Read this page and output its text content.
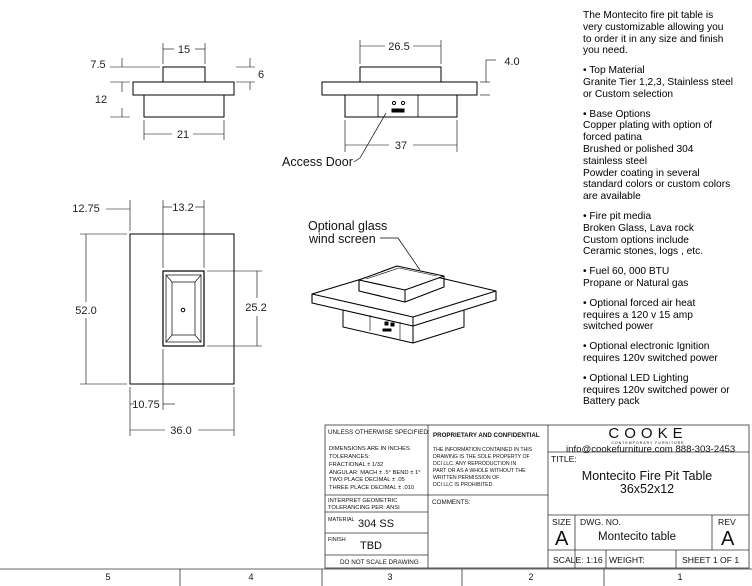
5	4	3	2	1
15
21
7.5
12
6
26.5
37
4.0
Access Door
12.75	13.2
52.0	25.2
10.75
36.0
Optional glass
wind screen
UNLESS OTHERWISE SPECIFIED:
DIMENSIONS ARE IN INCHES
TOLERANCES:
FRACTIONAL ± 1/32
ANGULAR: MACH ± .5° BEND ± 1°
TWO PLACE DECIMAL ± .05
THREE PLACE DECIMAL ± .010
INTERPRET GEOMETRIC
TOLERANCING PER: ANSI
MATERIAL 304 SS
FINISH TBD
DO NOT SCALE DRAWING
PROPRIETARY AND CONFIDENTIAL
THE INFORMATION CONTAINED IN THIS
DRAWING IS THE SOLE PROPERTY OF
DCI LLC. ANY REPRODUCTION IN
PART OR AS A WHOLE WITHOUT THE
WRITTEN PERMISSION OF
DCI LLC IS PROHIBITED.
COMMENTS:
COOKE
CONTEMPORARY FURNITURE
info@cookefurniture.com 888-303-2453
TITLE:
Montecito Fire Pit Table
36x52x12
SIZE
A
DWG. NO.
Montecito table
REV
A
SCALE: 1:16 WEIGHT:	SHEET 1 OF 1
The Montecito fire pit table is
very customizable allowing you
to order it in any size and finish
you need.
• Top Material
Granite Tier 1,2,3, Stainless steel
or Custom selection
• Base Options
Copper plating with option of
forced patina
Brushed or polished 304
stainless steel
Powder coating in several
standard colors or custom colors
are available
• Fire pit media
Broken Glass, Lava rock
Custom options include
Ceramic stones, logs , etc.
• Fuel 60, 000 BTU
Propane or Natural gas
• Optional forced air heat
requires a 120 v 15 amp
switched power
• Optional electronic Ignition
requires 120v switched power
• Optional LED Lighting
requires 120v switched power or
Battery pack
